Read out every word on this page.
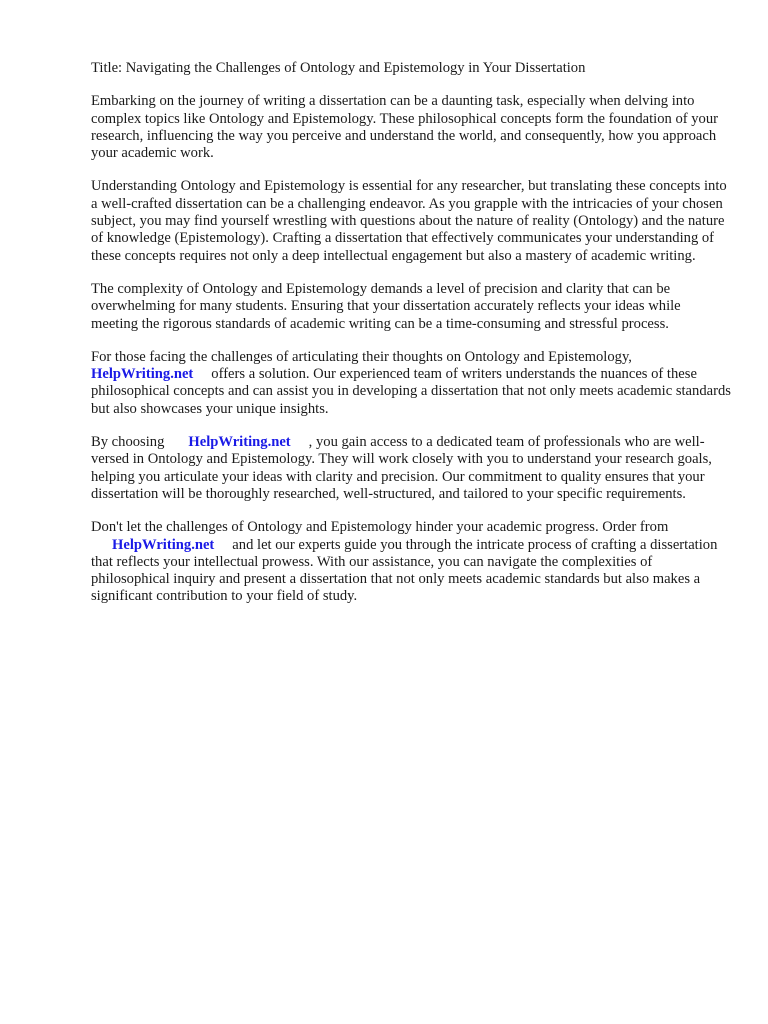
Title: Navigating the Challenges of Ontology and Epistemology in Your Dissertation

Embarking on the journey of writing a dissertation can be a daunting task, especially when delving into complex topics like Ontology and Epistemology. These philosophical concepts form the foundation of your research, influencing the way you perceive and understand the world, and consequently, how you approach your academic work.

Understanding Ontology and Epistemology is essential for any researcher, but translating these concepts into a well-crafted dissertation can be a challenging endeavor. As you grapple with the intricacies of your chosen subject, you may find yourself wrestling with questions about the nature of reality (Ontology) and the nature of knowledge (Epistemology). Crafting a dissertation that effectively communicates your understanding of these concepts requires not only a deep intellectual engagement but also a mastery of academic writing.

The complexity of Ontology and Epistemology demands a level of precision and clarity that can be overwhelming for many students. Ensuring that your dissertation accurately reflects your ideas while meeting the rigorous standards of academic writing can be a time-consuming and stressful process.

For those facing the challenges of articulating their thoughts on Ontology and Epistemology,
HelpWriting.net offers a solution. Our experienced team of writers understands the nuances of these philosophical concepts and can assist you in developing a dissertation that not only meets academic standards but also showcases your unique insights.

By choosing HelpWriting.net , you gain access to a dedicated team of professionals who are well-versed in Ontology and Epistemology. They will work closely with you to understand your research goals, helping you articulate your ideas with clarity and precision. Our commitment to quality ensures that your dissertation will be thoroughly researched, well-structured, and tailored to your specific requirements.

Don't let the challenges of Ontology and Epistemology hinder your academic progress. Order from
HelpWriting.net and let our experts guide you through the intricate process of crafting a dissertation that reflects your intellectual prowess. With our assistance, you can navigate the complexities of philosophical inquiry and present a dissertation that not only meets academic standards but also makes a significant contribution to your field of study.
